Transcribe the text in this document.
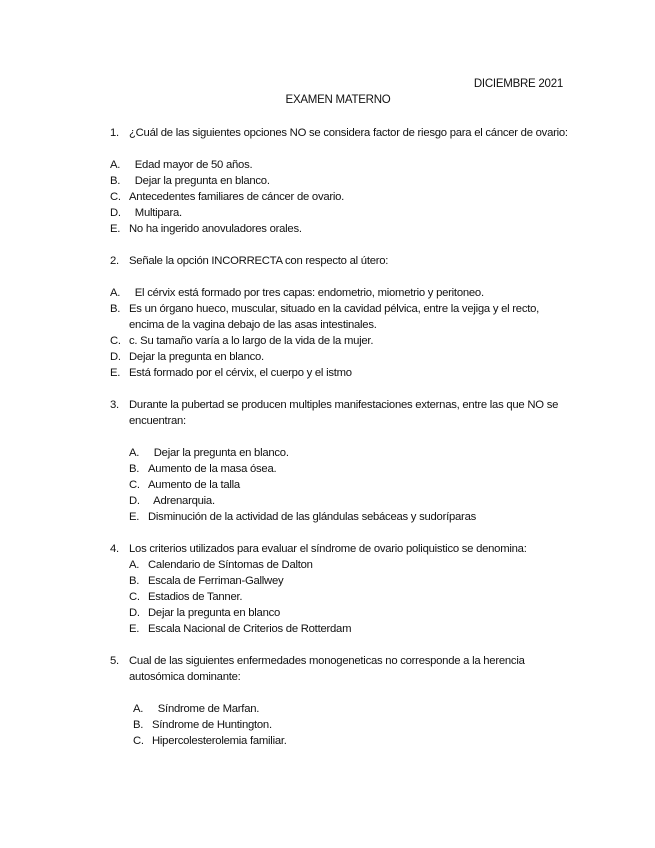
DICIEMBRE 2021
EXAMEN MATERNO
1. ¿Cuál de las siguientes opciones NO se considera factor de riesgo para el cáncer de ovario:
A. Edad mayor de 50 años.
B. Dejar la pregunta en blanco.
C. Antecedentes familiares de cáncer de ovario.
D. Multipara.
E. No ha ingerido anovuladores orales.
2. Señale la opción INCORRECTA con respecto al útero:
A. El cérvix está formado por tres capas: endometrio, miometrio y peritoneo.
B. Es un órgano hueco, muscular, situado en la cavidad pélvica, entre la vejiga y el recto, encima de la vagina debajo de las asas intestinales.
C. c. Su tamaño varía a lo largo de la vida de la mujer.
D. Dejar la pregunta en blanco.
E. Está formado por el cérvix, el cuerpo y el istmo
3. Durante la pubertad se producen multiples manifestaciones externas, entre las que NO se encuentran:
A. Dejar la pregunta en blanco.
B. Aumento de la masa ósea.
C. Aumento de la talla
D. Adrenarquia.
E. Disminución de la actividad de las glándulas sebáceas y sudoríparas
4. Los criterios utilizados para evaluar el síndrome de ovario poliquistico se denomina:
A. Calendario de Síntomas de Dalton
B. Escala de Ferriman-Gallwey
C. Estadios de Tanner.
D. Dejar la pregunta en blanco
E. Escala Nacional de Criterios de Rotterdam
5. Cual de las siguientes enfermedades monogeneticas no corresponde a la herencia autosómica dominante:
A. Síndrome de Marfan.
B. Síndrome de Huntington.
C. Hipercolesterolemia familiar.
